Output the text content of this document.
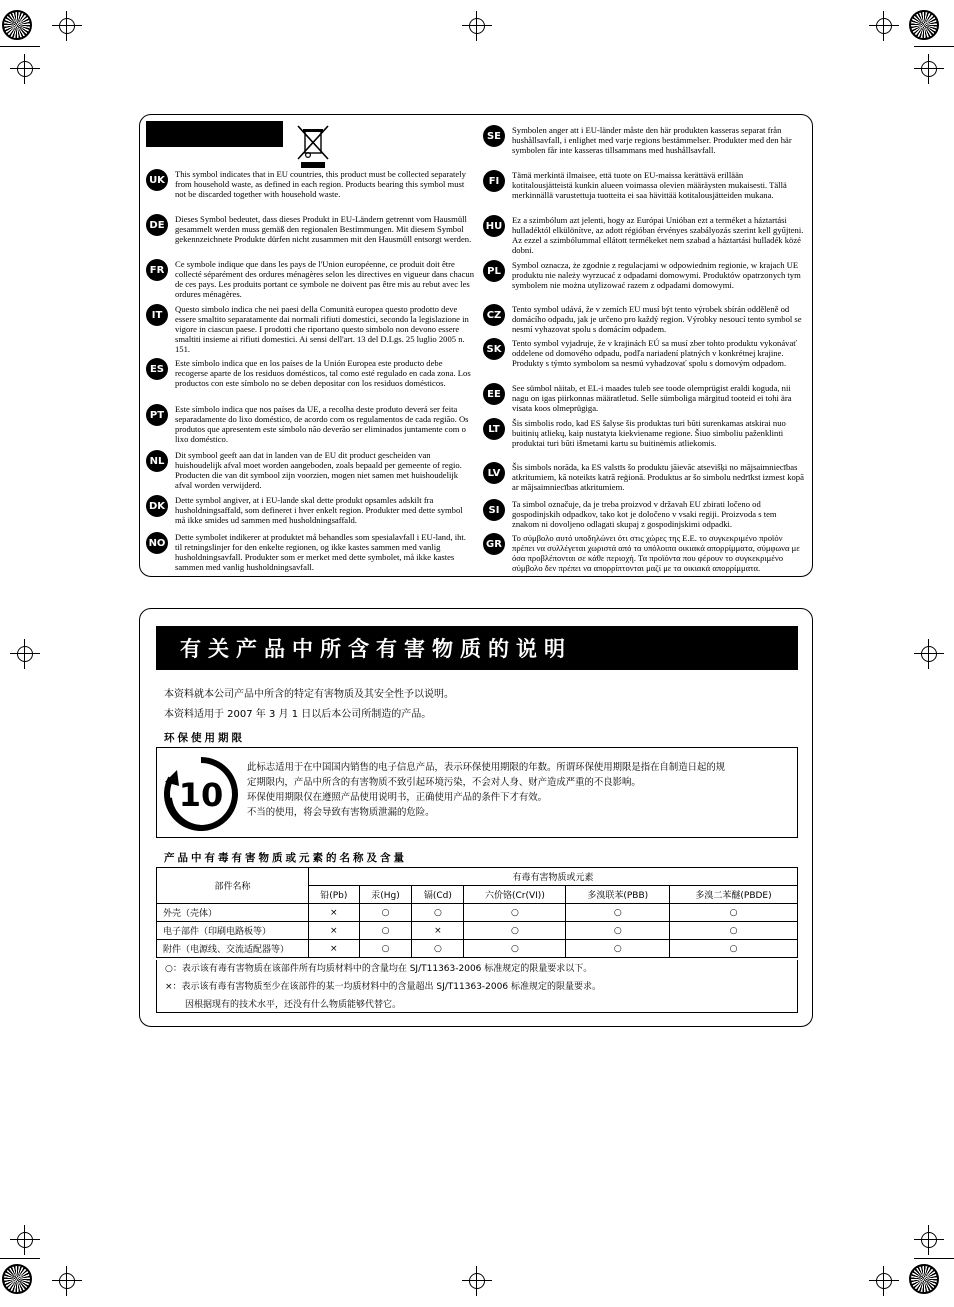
UK
This symbol indicates that in EU countries, this product must be collected separately from household waste, as defined in each region. Products bearing this symbol must not be discarded together with household waste.
DE
Dieses Symbol bedeutet, dass dieses Produkt in EU-Ländern getrennt vom Hausmüll gesammelt werden muss gemäß den regionalen Bestimmungen. Mit diesem Symbol gekennzeichnete Produkte dürfen nicht zusammen mit den Hausmüll entsorgt werden.
FR
Ce symbole indique que dans les pays de l'Union européenne, ce produit doit être collecté séparément des ordures ménagères selon les directives en vigueur dans chacun de ces pays. Les produits portant ce symbole ne doivent pas être mis au rebut avec les ordures ménagères.
IT
Questo simbolo indica che nei paesi della Comunità europea questo prodotto deve essere smaltito separatamente dai normali rifiuti domestici, secondo la legislazione in vigore in ciascun paese. I prodotti che riportano questo simbolo non devono essere smaltiti insieme ai rifiuti domestici. Ai sensi dell'art. 13 del D.Lgs. 25 luglio 2005 n. 151.
ES
Este símbolo indica que en los países de la Unión Europea este producto debe recogerse aparte de los residuos domésticos, tal como esté regulado en cada zona. Los productos con este símbolo no se deben depositar con los residuos domésticos.
PT
Este símbolo indica que nos países da UE, a recolha deste produto deverá ser feita separadamente do lixo doméstico, de acordo com os regulamentos de cada região. Os produtos que apresentem este símbolo não deverão ser eliminados juntamente com o lixo doméstico.
NL
Dit symbool geeft aan dat in landen van de EU dit product gescheiden van huishoudelijk afval moet worden aangeboden, zoals bepaald per gemeente of regio. Producten die van dit symbool zijn voorzien, mogen niet samen met huishoudelijk afval worden verwijderd.
DK
Dette symbol angiver, at i EU-lande skal dette produkt opsamles adskilt fra husholdningsaffald, som defineret i hver enkelt region. Produkter med dette symbol må ikke smides ud sammen med husholdningsaffald.
NO
Dette symbolet indikerer at produktet må behandles som spesialavfall i EU-land, iht. til retningslinjer for den enkelte regionen, og ikke kastes sammen med vanlig husholdningsavfall. Produkter som er merket med dette symbolet, må ikke kastes sammen med vanlig husholdningsavfall.
SE
Symbolen anger att i EU-länder måste den här produkten kasseras separat från hushållsavfall, i enlighet med varje regions bestämmelser. Produkter med den här symbolen får inte kasseras tillsammans med hushållsavfall.
FI
Tämä merkintä ilmaisee, että tuote on EU-maissa kerättävä erillään kotitalousjätteistä kunkin alueen voimassa olevien määräysten mukaisesti. Tällä merkinnällä varustettuja tuotteita ei saa hävittää kotitalousjätteiden mukana.
HU
Ez a szimbólum azt jelenti, hogy az Európai Unióban ezt a terméket a háztartási hulladéktól elkülönítve, az adott régióban érvényes szabályozás szerint kell gyűjteni. Az ezzel a szimbólummal ellátott termékeket nem szabad a háztartási hulladék közé dobni.
PL
Symbol oznacza, że zgodnie z regulacjami w odpowiednim regionie, w krajach UE produktu nie należy wyrzucać z odpadami domowymi. Produktów opatrzonych tym symbolem nie można utylizować razem z odpadami domowymi.
CZ
Tento symbol udává, že v zemích EU musí být tento výrobek sbírán odděleně od domácího odpadu, jak je určeno pro každý region. Výrobky nesoucí tento symbol se nesmí vyhazovat spolu s domácím odpadem.
SK
Tento symbol vyjadruje, že v krajinách EÚ sa musí zber tohto produktu vykonávať oddelene od domového odpadu, podľa nariadení platných v konkrétnej krajine. Produkty s týmto symbolom sa nesmú vyhadzovať spolu s domovým odpadom.
EE
See sümbol näitab, et EL-i maades tuleb see toode olemprügist eraldi koguda, nii nagu on igas piirkonnas määratletud. Selle sümboliga märgitud tooteid ei tohi ära visata koos olmeprügiga.
LT
Šis simbolis rodo, kad ES šalyse šis produktas turi būti surenkamas atskirai nuo buitinių atliekų, kaip nustatyta kiekviename regione. Šiuo simboliu paženklinti produktai turi būti išmetami kartu su buitinėmis atliekomis.
LV
Šis simbols norāda, ka ES valstīs šo produktu jāievāc atsevišķi no mājsaimniecības atkritumiem, kā noteikts katrā reģionā. Produktus ar šo simbolu nedrīkst izmest kopā ar mājsaimniecības atkritumiem.
SI
Ta simbol označuje, da je treba proizvod v državah EU zbirati ločeno od gospodinjskih odpadkov, tako kot je določeno v vsaki regiji. Proizvoda s tem znakom ni dovoljeno odlagati skupaj z gospodinjskimi odpadki.
GR
Το σύμβολο αυτό υποδηλώνει ότι στις χώρες της Ε.Ε. το συγκεκριμένο προϊόν πρέπει να συλλέγεται χωριστά από τα υπόλοιπα οικιακά απορρίμματα, σύμφωνα με όσα προβλέπονται σε κάθε περιοχή. Τα προϊόντα που φέρουν το συγκεκριμένο σύμβολο δεν πρέπει να απορρίπτονται μαζί με τα οικιακά απορρίμματα.
有关产品中所含有害物质的说明
本资料就本公司产品中所含的特定有害物质及其安全性予以说明。
本资料适用于 2007 年 3 月 1 日以后本公司所制造的产品。
环保使用期限
10
此标志适用于在中国国内销售的电子信息产品，表示环保使用期限的年数。所谓环保使用期限是指在自制造日起的规
定期限内，产品中所含的有害物质不致引起环境污染，不会对人身、财产造成严重的不良影响。
环保使用期限仅在遵照产品使用说明书，正确使用产品的条件下才有效。
不当的使用，将会导致有害物质泄漏的危险。
产品中有毒有害物质或元素的名称及含量
部件名称	有毒有害物质或元素					
	铅(Pb)	汞(Hg)	镉(Cd)	六价铬(Cr(VI))	多溴联苯(PBB)	多溴二苯醚(PBDE)
外壳（壳体）	×	○	○	○	○	○
电子部件（印刷电路板等）	×	○	×	○	○	○
附件（电源线、交流适配器等）	×	○	○	○	○	○
○：表示该有毒有害物质在该部件所有均质材料中的含量均在 SJ/T11363-2006 标准规定的限量要求以下。
×：表示该有毒有害物质至少在该部件的某一均质材料中的含量超出 SJ/T11363-2006 标准规定的限量要求。
因根据现有的技术水平，还没有什么物质能够代替它。
